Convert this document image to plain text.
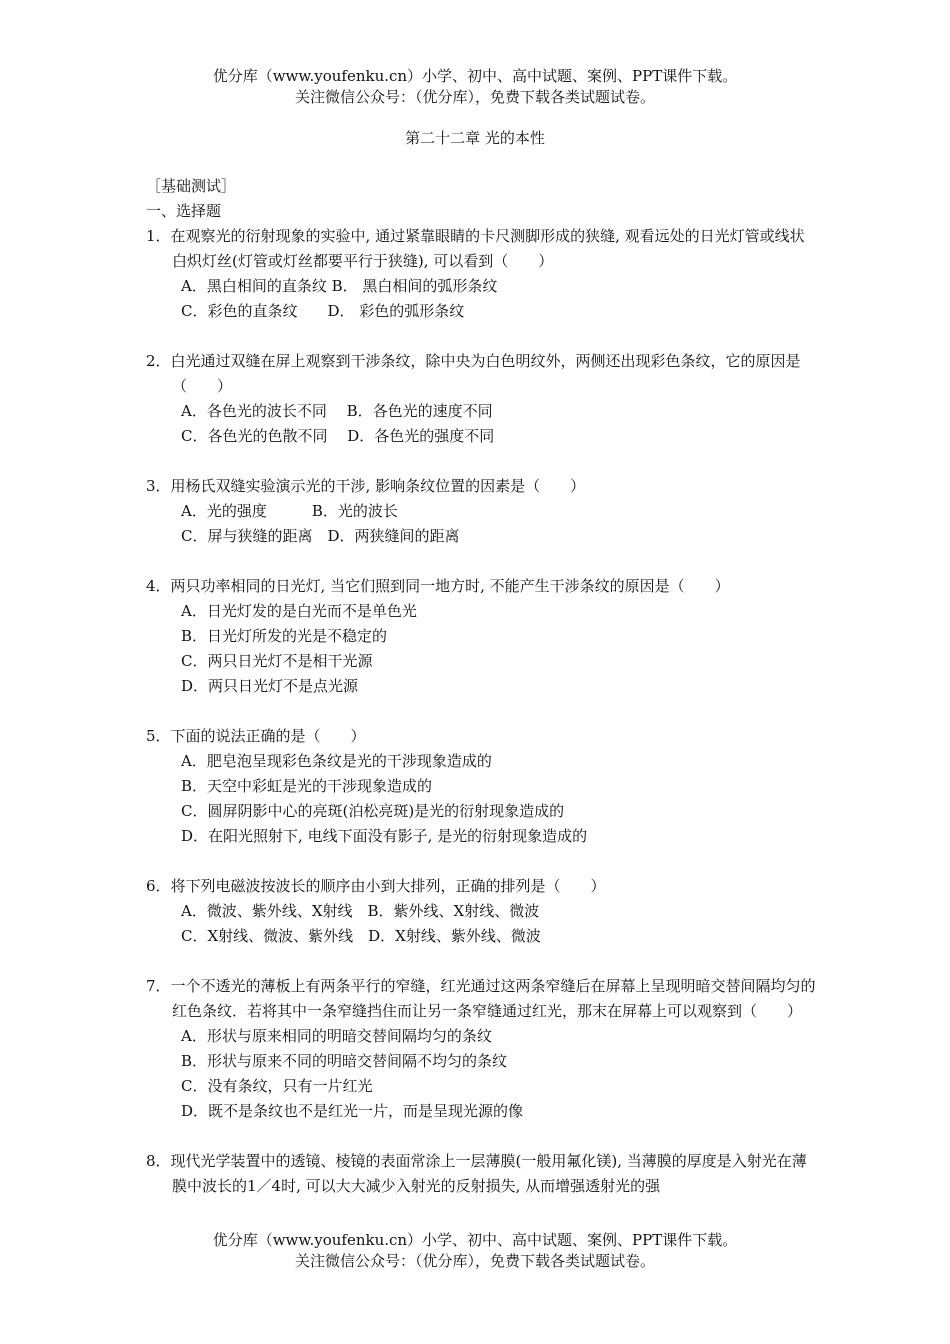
优分库（www.youfenku.cn）小学、初中、高中试题、案例、PPT课件下载。
关注微信公众号：（优分库），免费下载各类试题试卷。
第二十二章 光的本性
［基础测试］
一、选择题
1．在观察光的衍射现象的实验中, 通过紧靠眼睛的卡尺测脚形成的狭缝, 观看远处的日光灯管或线状白炽灯丝(灯管或灯丝都要平行于狭缝), 可以看到（　　）
A．黑白相间的直条纹 B． 黑白相间的弧形条纹
C．彩色的直条纹　　D． 彩色的弧形条纹
2．白光通过双缝在屏上观察到干涉条纹，除中央为白色明纹外，两侧还出现彩色条纹，它的原因是（　　）
A．各色光的波长不同　 B．各色光的速度不同
C．各色光的色散不同　 D．各色光的强度不同
3．用杨氏双缝实验演示光的干涉, 影响条纹位置的因素是（　　）
A．光的强度　　　B．光的波长
C．屏与狭缝的距离　D．两狭缝间的距离
4．两只功率相同的日光灯, 当它们照到同一地方时, 不能产生干涉条纹的原因是（　　）
A．日光灯发的是白光而不是单色光
B．日光灯所发的光是不稳定的
C．两只日光灯不是相干光源
D．两只日光灯不是点光源
5．下面的说法正确的是（　　）
A．肥皂泡呈现彩色条纹是光的干涉现象造成的
B．天空中彩虹是光的干涉现象造成的
C．圆屏阴影中心的亮斑(泊松亮斑)是光的衍射现象造成的
D．在阳光照射下, 电线下面没有影子, 是光的衍射现象造成的
6．将下列电磁波按波长的顺序由小到大排列，正确的排列是（　　）
A．微波、紫外线、X射线　B．紫外线、X射线、微波
C．X射线、微波、紫外线　D．X射线、紫外线、微波
7．一个不透光的薄板上有两条平行的窄缝，红光通过这两条窄缝后在屏幕上呈现明暗交替间隔均匀的红色条纹．若将其中一条窄缝挡住而让另一条窄缝通过红光，那末在屏幕上可以观察到（　　）
A．形状与原来相同的明暗交替间隔均匀的条纹
B．形状与原来不同的明暗交替间隔不均匀的条纹
C．没有条纹，只有一片红光
D．既不是条纹也不是红光一片，而是呈现光源的像
8．现代光学装置中的透镜、棱镜的表面常涂上一层薄膜(一般用氟化镁), 当薄膜的厚度是入射光在薄膜中波长的1／4时, 可以大大减少入射光的反射损失, 从而增强透射光的强
优分库（www.youfenku.cn）小学、初中、高中试题、案例、PPT课件下载。
关注微信公众号：（优分库），免费下载各类试题试卷。
